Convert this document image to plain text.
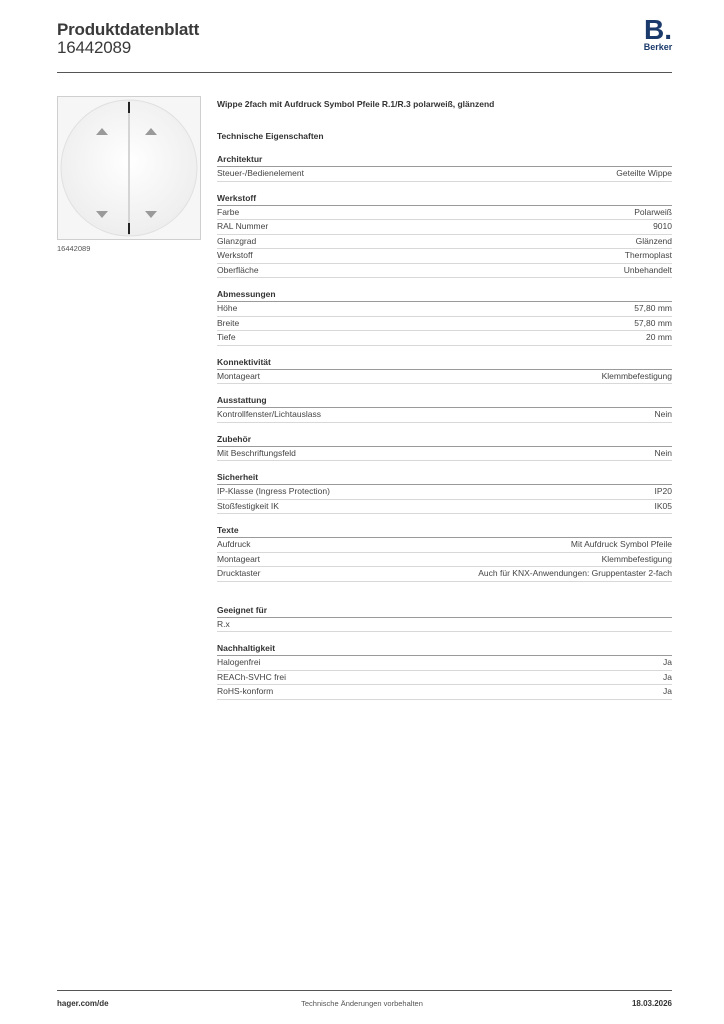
Produktdatenblatt
16442089
B.
Berker
16442089
Wippe 2fach mit Aufdruck Symbol Pfeile R.1/R.3 polarweiß, glänzend
Technische Eigenschaften
Architektur
Steuer-/Bedienelement	Geteilte Wippe
Werkstoff
Farbe	Polarweiß
RAL Nummer	9010
Glanzgrad	Glänzend
Werkstoff	Thermoplast
Oberfläche	Unbehandelt
Abmessungen
Höhe	57,80 mm
Breite	57,80 mm
Tiefe	20 mm
Konnektivität
Montageart	Klemmbefestigung
Ausstattung
Kontrollfenster/Lichtauslass	Nein
Zubehör
Mit Beschriftungsfeld	Nein
Sicherheit
IP-Klasse (Ingress Protection)	IP20
Stoßfestigkeit IK	IK05
Texte
Aufdruck	Mit Aufdruck Symbol Pfeile
Montageart	Klemmbefestigung
Drucktaster	Auch für KNX-Anwendungen: Gruppentaster 2-fach
Geeignet für
R.x
Nachhaltigkeit
Halogenfrei	Ja
REACh-SVHC frei	Ja
RoHS-konform	Ja
hager.com/de	Technische Änderungen vorbehalten	18.03.2026
